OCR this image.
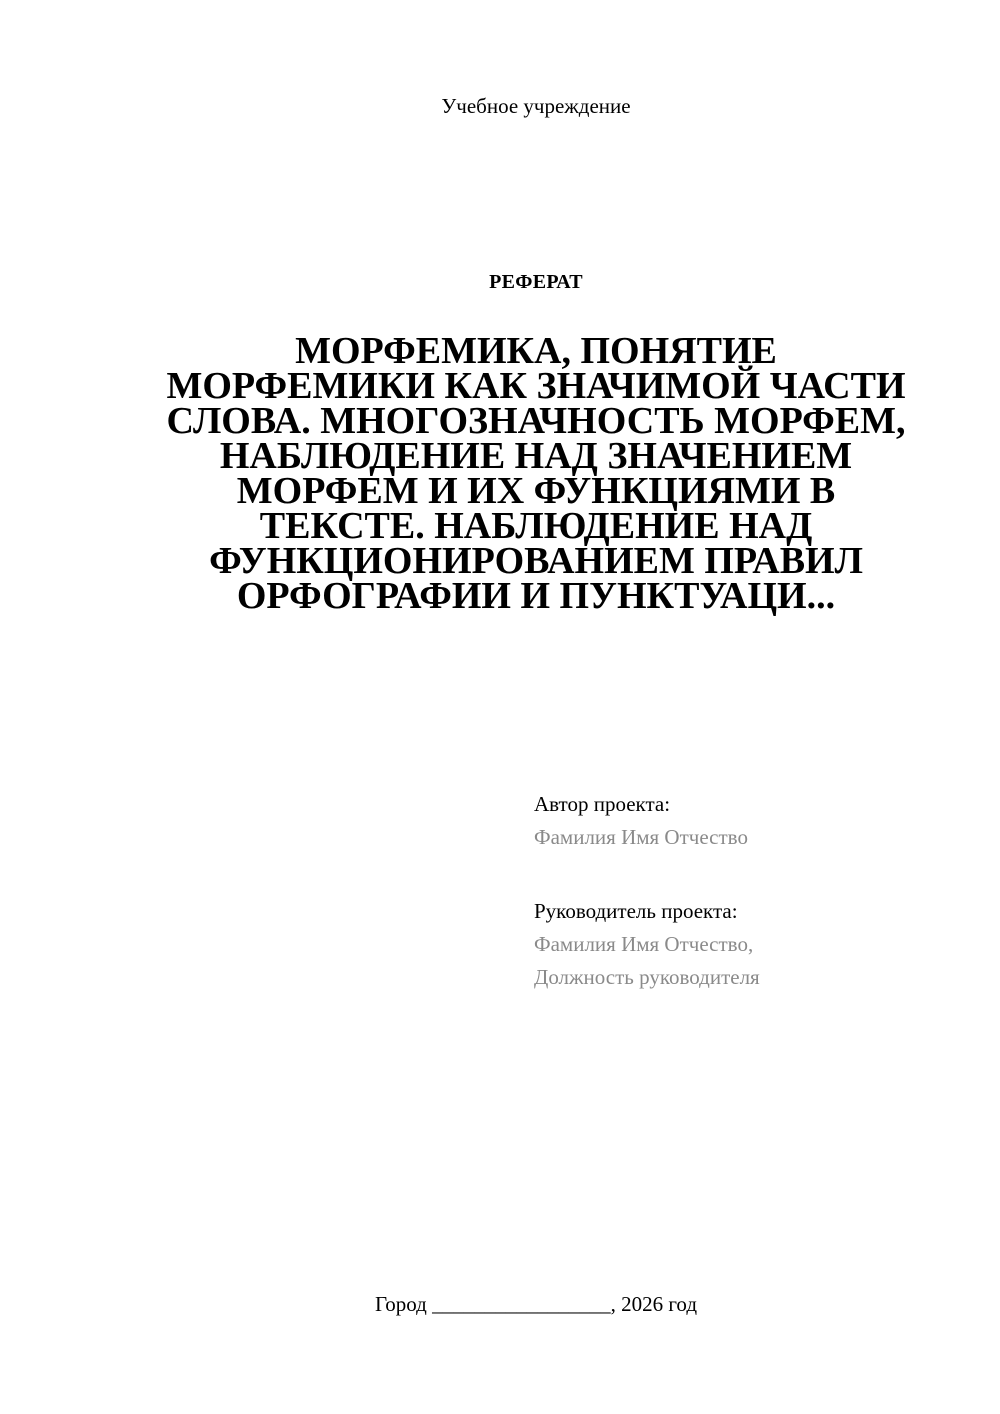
Учебное учреждение
РЕФЕРАТ
МОРФЕМИКА, ПОНЯТИЕ
МОРФЕМИКИ КАК ЗНАЧИМОЙ ЧАСТИ
СЛОВА. МНОГОЗНАЧНОСТЬ МОРФЕМ,
НАБЛЮДЕНИЕ НАД ЗНАЧЕНИЕМ
МОРФЕМ И ИХ ФУНКЦИЯМИ В
ТЕКСТЕ. НАБЛЮДЕНИЕ НАД
ФУНКЦИОНИРОВАНИЕМ ПРАВИЛ
ОРФОГРАФИИ И ПУНКТУАЦИ...
Автор проекта:
Фамилия Имя Отчество
Руководитель проекта:
Фамилия Имя Отчество,
Должность руководителя
Город _________________, 2026 год
